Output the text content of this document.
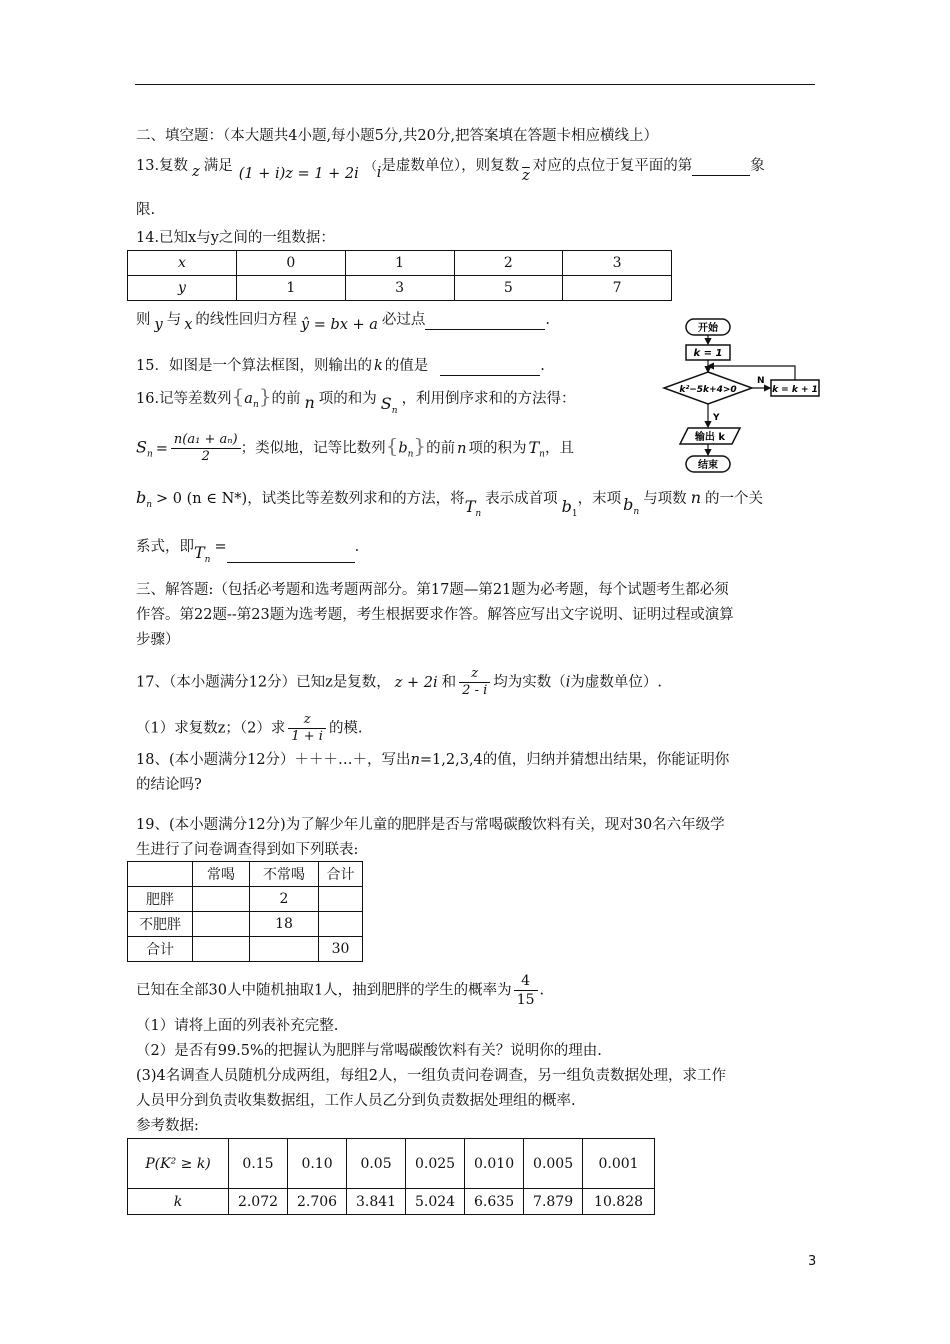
二、填空题：（本大题共4小题,每小题5分,共20分,把答案填在答题卡相应横线上）
13.复数 z 满足 (1 + i)z = 1 + 2i （i是虚数单位），则复数$\overline{z}$对应的点位于复平面的第	象
限.
14.已知x与y之间的一组数据：
x	0	1	2	3
y	1	3	5	7
则 y 与 x 的线性回归方程 ŷ = bx + a 必过点	.
15．如图是一个算法框图，则输出的 k 的值是	.
开始
k = 1
k²−5k+4>0
N
k = k + 1
Y
输出 k
结束
16.记等差数列$\{a_n\}$的前 n 项的和为 $S_n$，利用倒序求和的方法得：
$S_n = \frac{\text{n(a₁ + aₙ)}}{2}$ ；类似地，记等比数列$\{b_n\}$的前 n 项的积为 $T_n$，且
$b_n > 0$ (n ∈ N*)，试类比等差数列求和的方法，将$T_n$表示成首项 $b_1$，末项 $b_n$与项数 n 的一个关
系式，即$T_n=$	.
三、解答题:（包括必考题和选考题两部分。第17题—第21题为必考题，每个试题考生都必须
作答。第22题--第23题为选考题，考生根据要求作答。解答应写出文字说明、证明过程或演算
步骤）
17、（本小题满分12分）已知z是复数， z + 2i 和 $\frac{z}{2 - i}$ 均为实数（i为虚数单位）.
（1）求复数z；（2）求 $\frac{z}{1 + i}$ 的模.
18、(本小题满分12分）＋＋＋…＋，写出n=1,2,3,4的值，归纳并猜想出结果，你能证明你
的结论吗?
19、(本小题满分12分)为了解少年儿童的肥胖是否与常喝碳酸饮料有关，现对30名六年级学
生进行了问卷调查得到如下列联表:
	常喝	不常喝	合计
肥胖		2	
不肥胖		18	
合计			30
已知在全部30人中随机抽取1人，抽到肥胖的学生的概率为 $\frac{4}{15}$ .
（1）请将上面的列表补充完整.
（2）是否有99.5%的把握认为肥胖与常喝碳酸饮料有关？说明你的理由.
(3)4名调查人员随机分成两组，每组2人，一组负责问卷调查，另一组负责数据处理，求工作
人员甲分到负责收集数据组，工作人员乙分到负责数据处理组的概率.
参考数据:
P(K² ≥ k)	0.15	0.10	0.05	0.025	0.010	0.005	0.001
k	2.072	2.706	3.841	5.024	6.635	7.879	10.828
3
